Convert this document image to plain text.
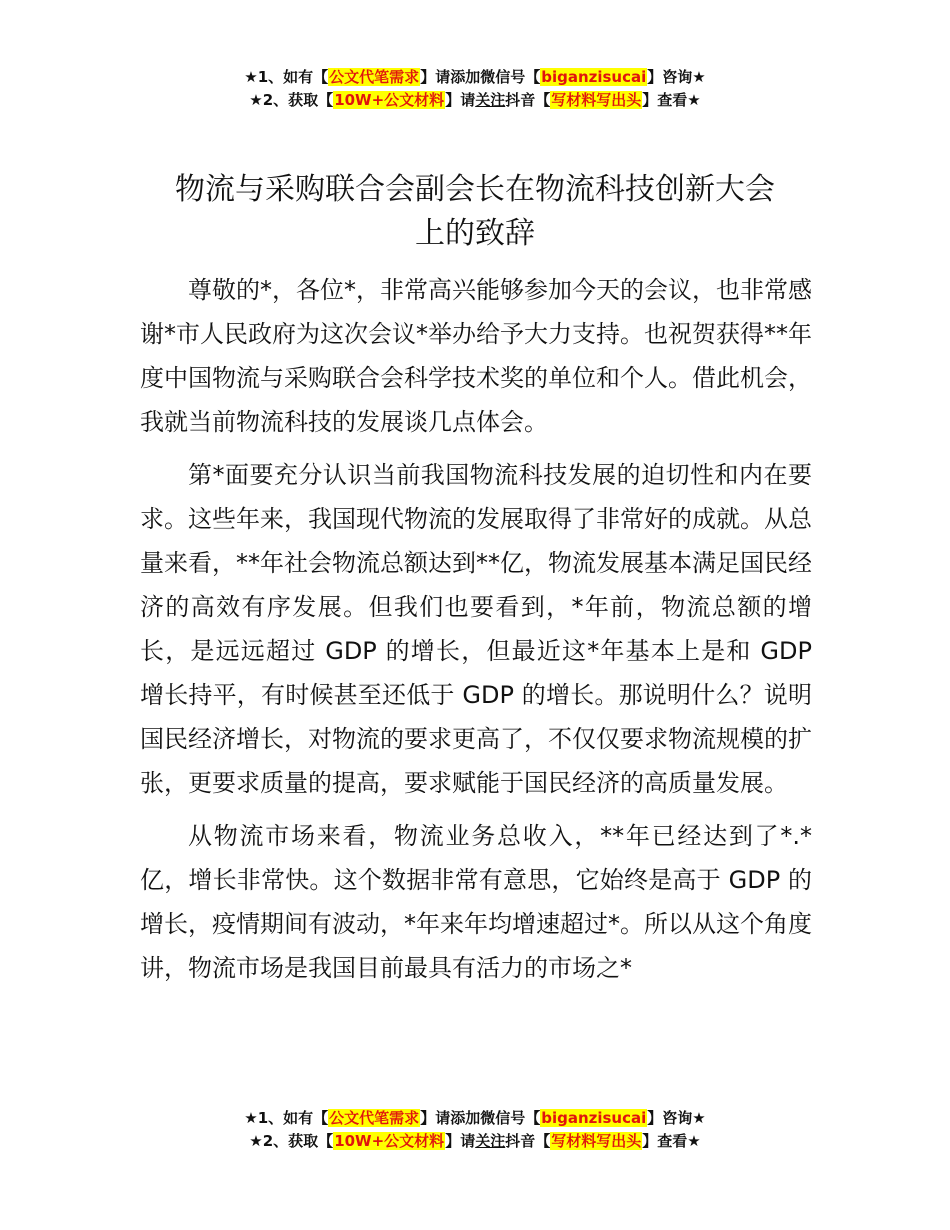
★1、如有【公文代笔需求】请添加微信号【biganzisucai】咨询★
★2、获取【10W+公文材料】请关注抖音【写材料写出头】查看★
物流与采购联合会副会长在物流科技创新大会
上的致辞

尊敬的*，各位*，非常高兴能够参加今天的会议，也非常感谢*市人民政府为这次会议*举办给予大力支持。也祝贺获得**年度中国物流与采购联合会科学技术奖的单位和个人。借此机会，我就当前物流科技的发展谈几点体会。

第*面要充分认识当前我国物流科技发展的迫切性和内在要求。这些年来，我国现代物流的发展取得了非常好的成就。从总量来看，**年社会物流总额达到**亿，物流发展基本满足国民经济的高效有序发展。但我们也要看到，*年前，物流总额的增长，是远远超过 GDP 的增长，但最近这*年基本上是和 GDP 增长持平，有时候甚至还低于 GDP 的增长。那说明什么？说明国民经济增长，对物流的要求更高了，不仅仅要求物流规模的扩张，更要求质量的提高，要求赋能于国民经济的高质量发展。

从物流市场来看，物流业务总收入，**年已经达到了*.*亿，增长非常快。这个数据非常有意思，它始终是高于 GDP 的增长，疫情期间有波动，*年来年均增速超过*。所以从这个角度讲，物流市场是我国目前最具有活力的市场之*

★1、如有【公文代笔需求】请添加微信号【biganzisucai】咨询★
★2、获取【10W+公文材料】请关注抖音【写材料写出头】查看★
